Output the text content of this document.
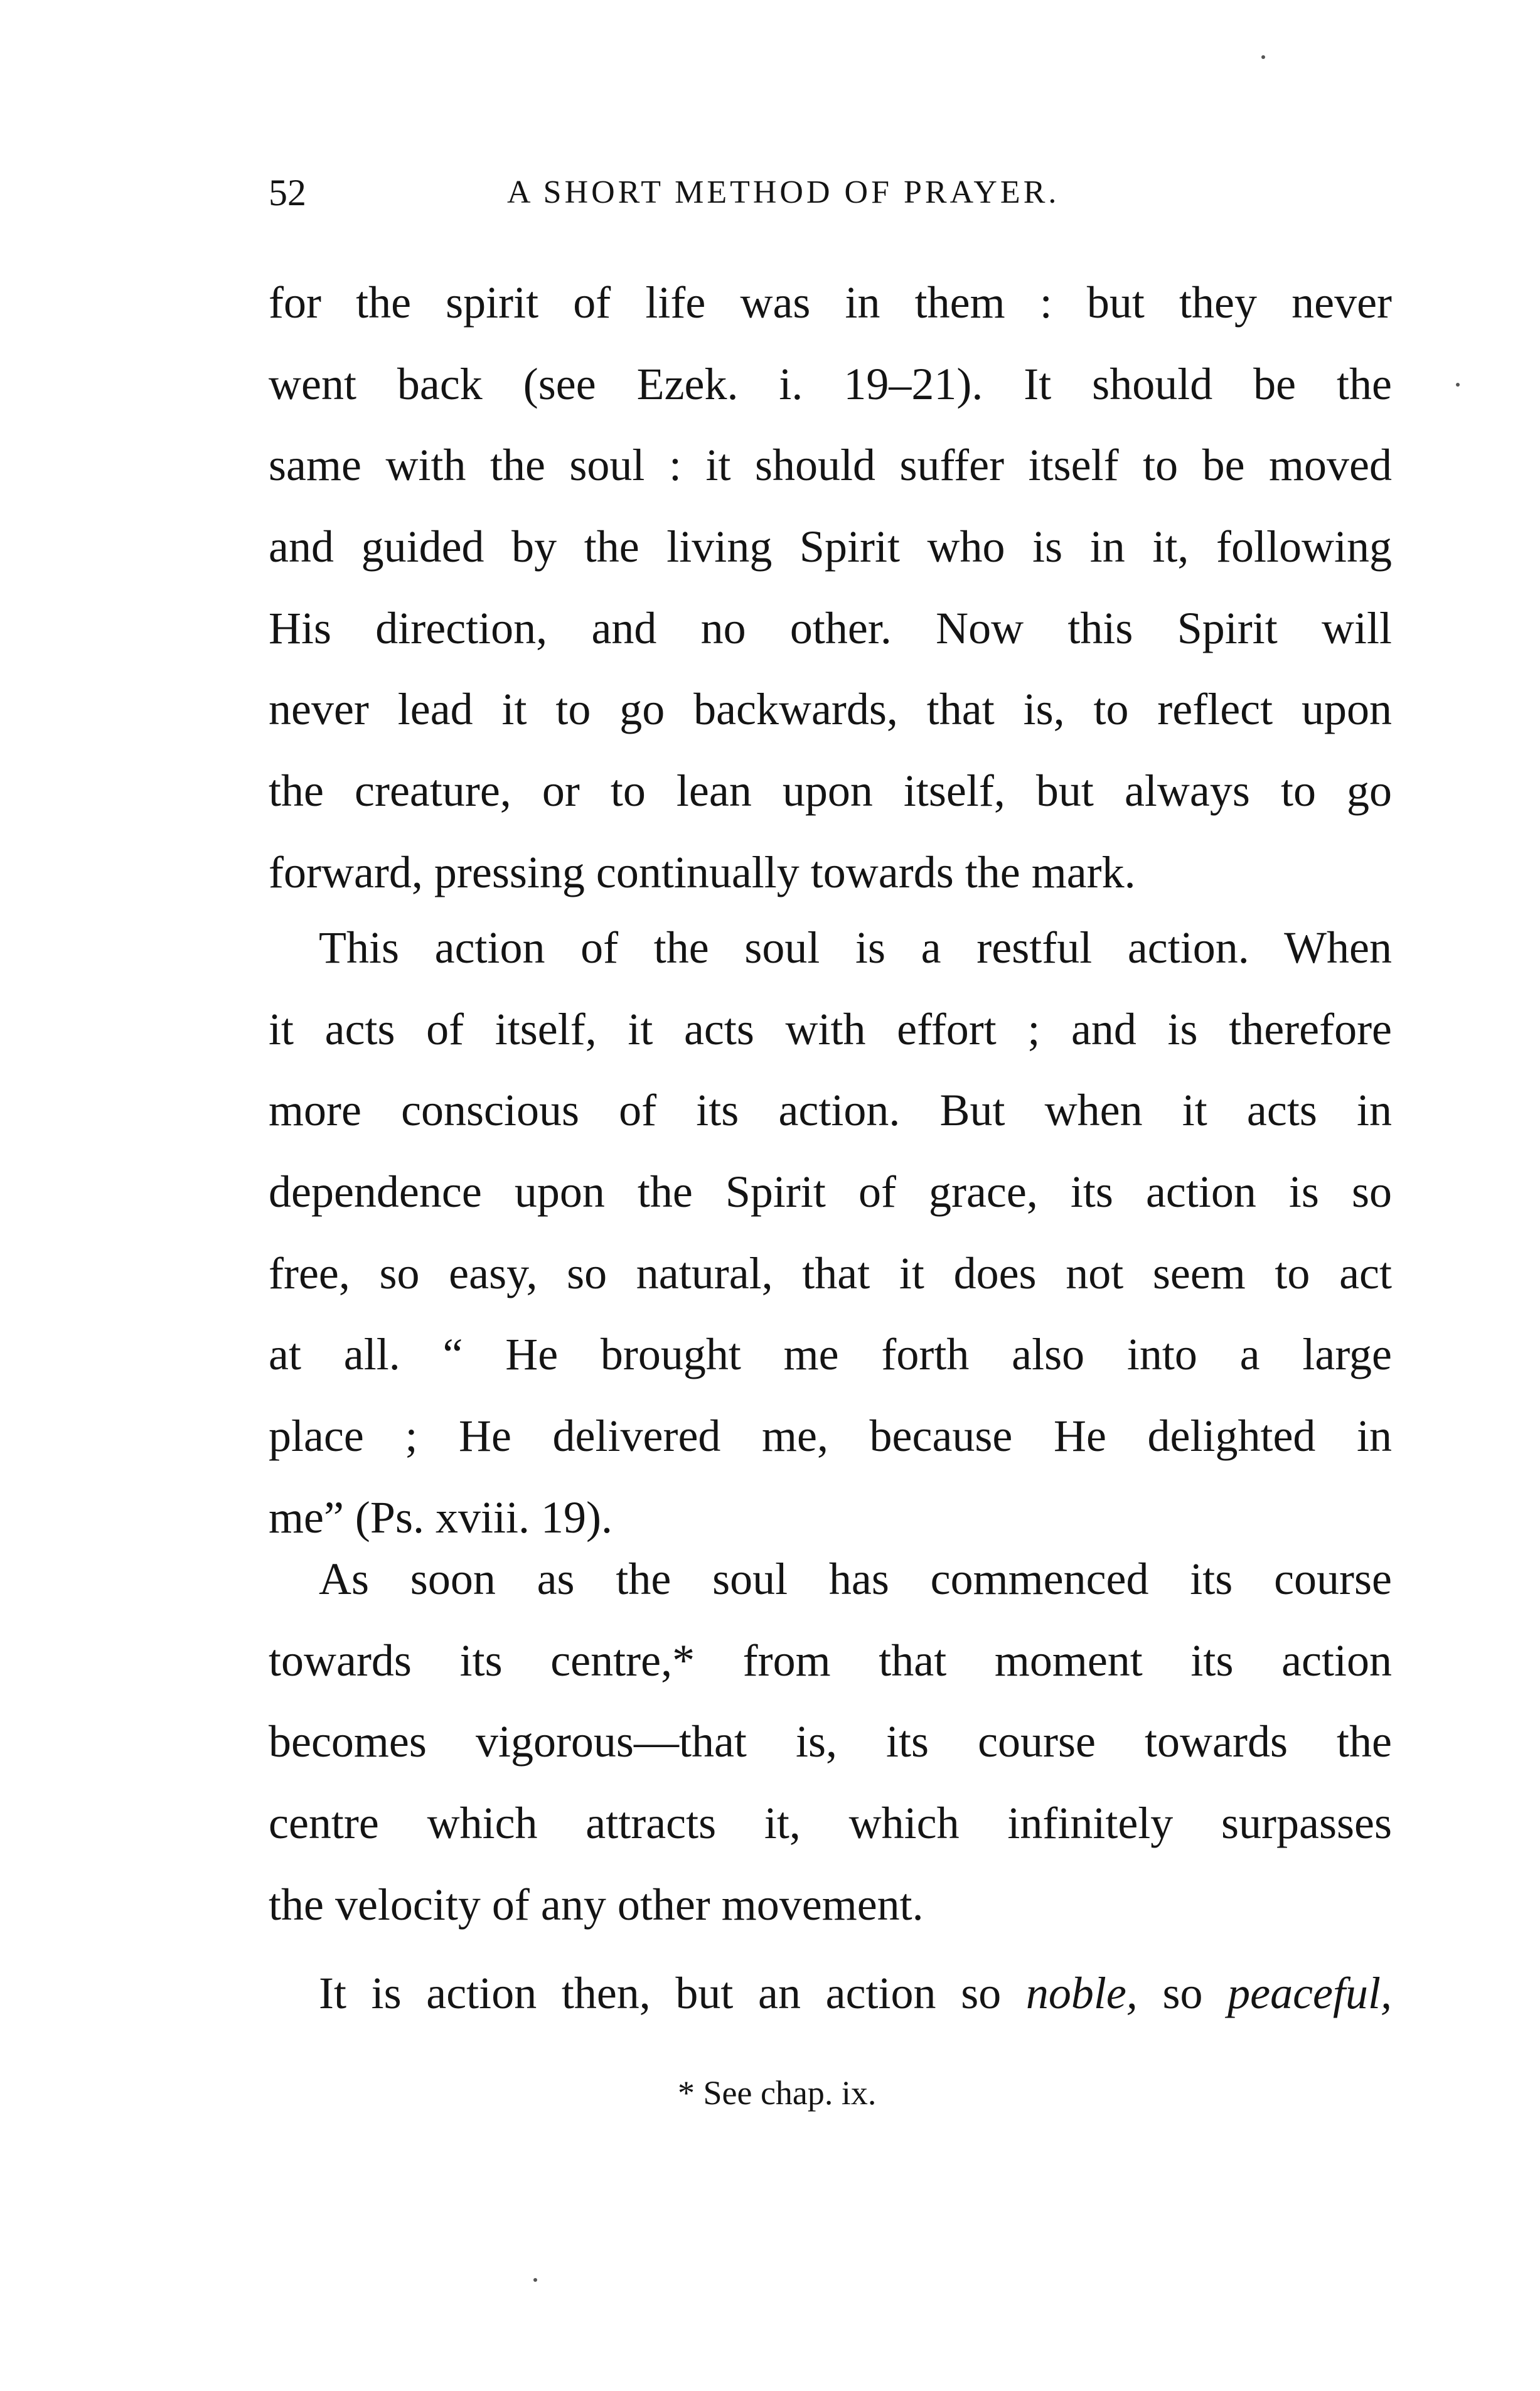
52	A SHORT METHOD OF PRAYER.
for the spirit of life was in them : but they never
went back (see Ezek. i. 19–21). It should be the
same with the soul : it should suffer itself to be moved
and guided by the living Spirit who is in it, following
His direction, and no other. Now this Spirit will
never lead it to go backwards, that is, to reflect upon
the creature, or to lean upon itself, but always to go
forward, pressing continually towards the mark.
This action of the soul is a restful action. When
it acts of itself, it acts with effort ; and is therefore
more conscious of its action. But when it acts in
dependence upon the Spirit of grace, its action is so
free, so easy, so natural, that it does not seem to act
at all. “ He brought me forth also into a large
place ; He delivered me, because He delighted in
me” (Ps. xviii. 19).
As soon as the soul has commenced its course
towards its centre,* from that moment its action
becomes vigorous—that is, its course towards the
centre which attracts it, which infinitely surpasses
the velocity of any other movement.
It is action then, but an action so noble, so peaceful,
* See chap. ix.
